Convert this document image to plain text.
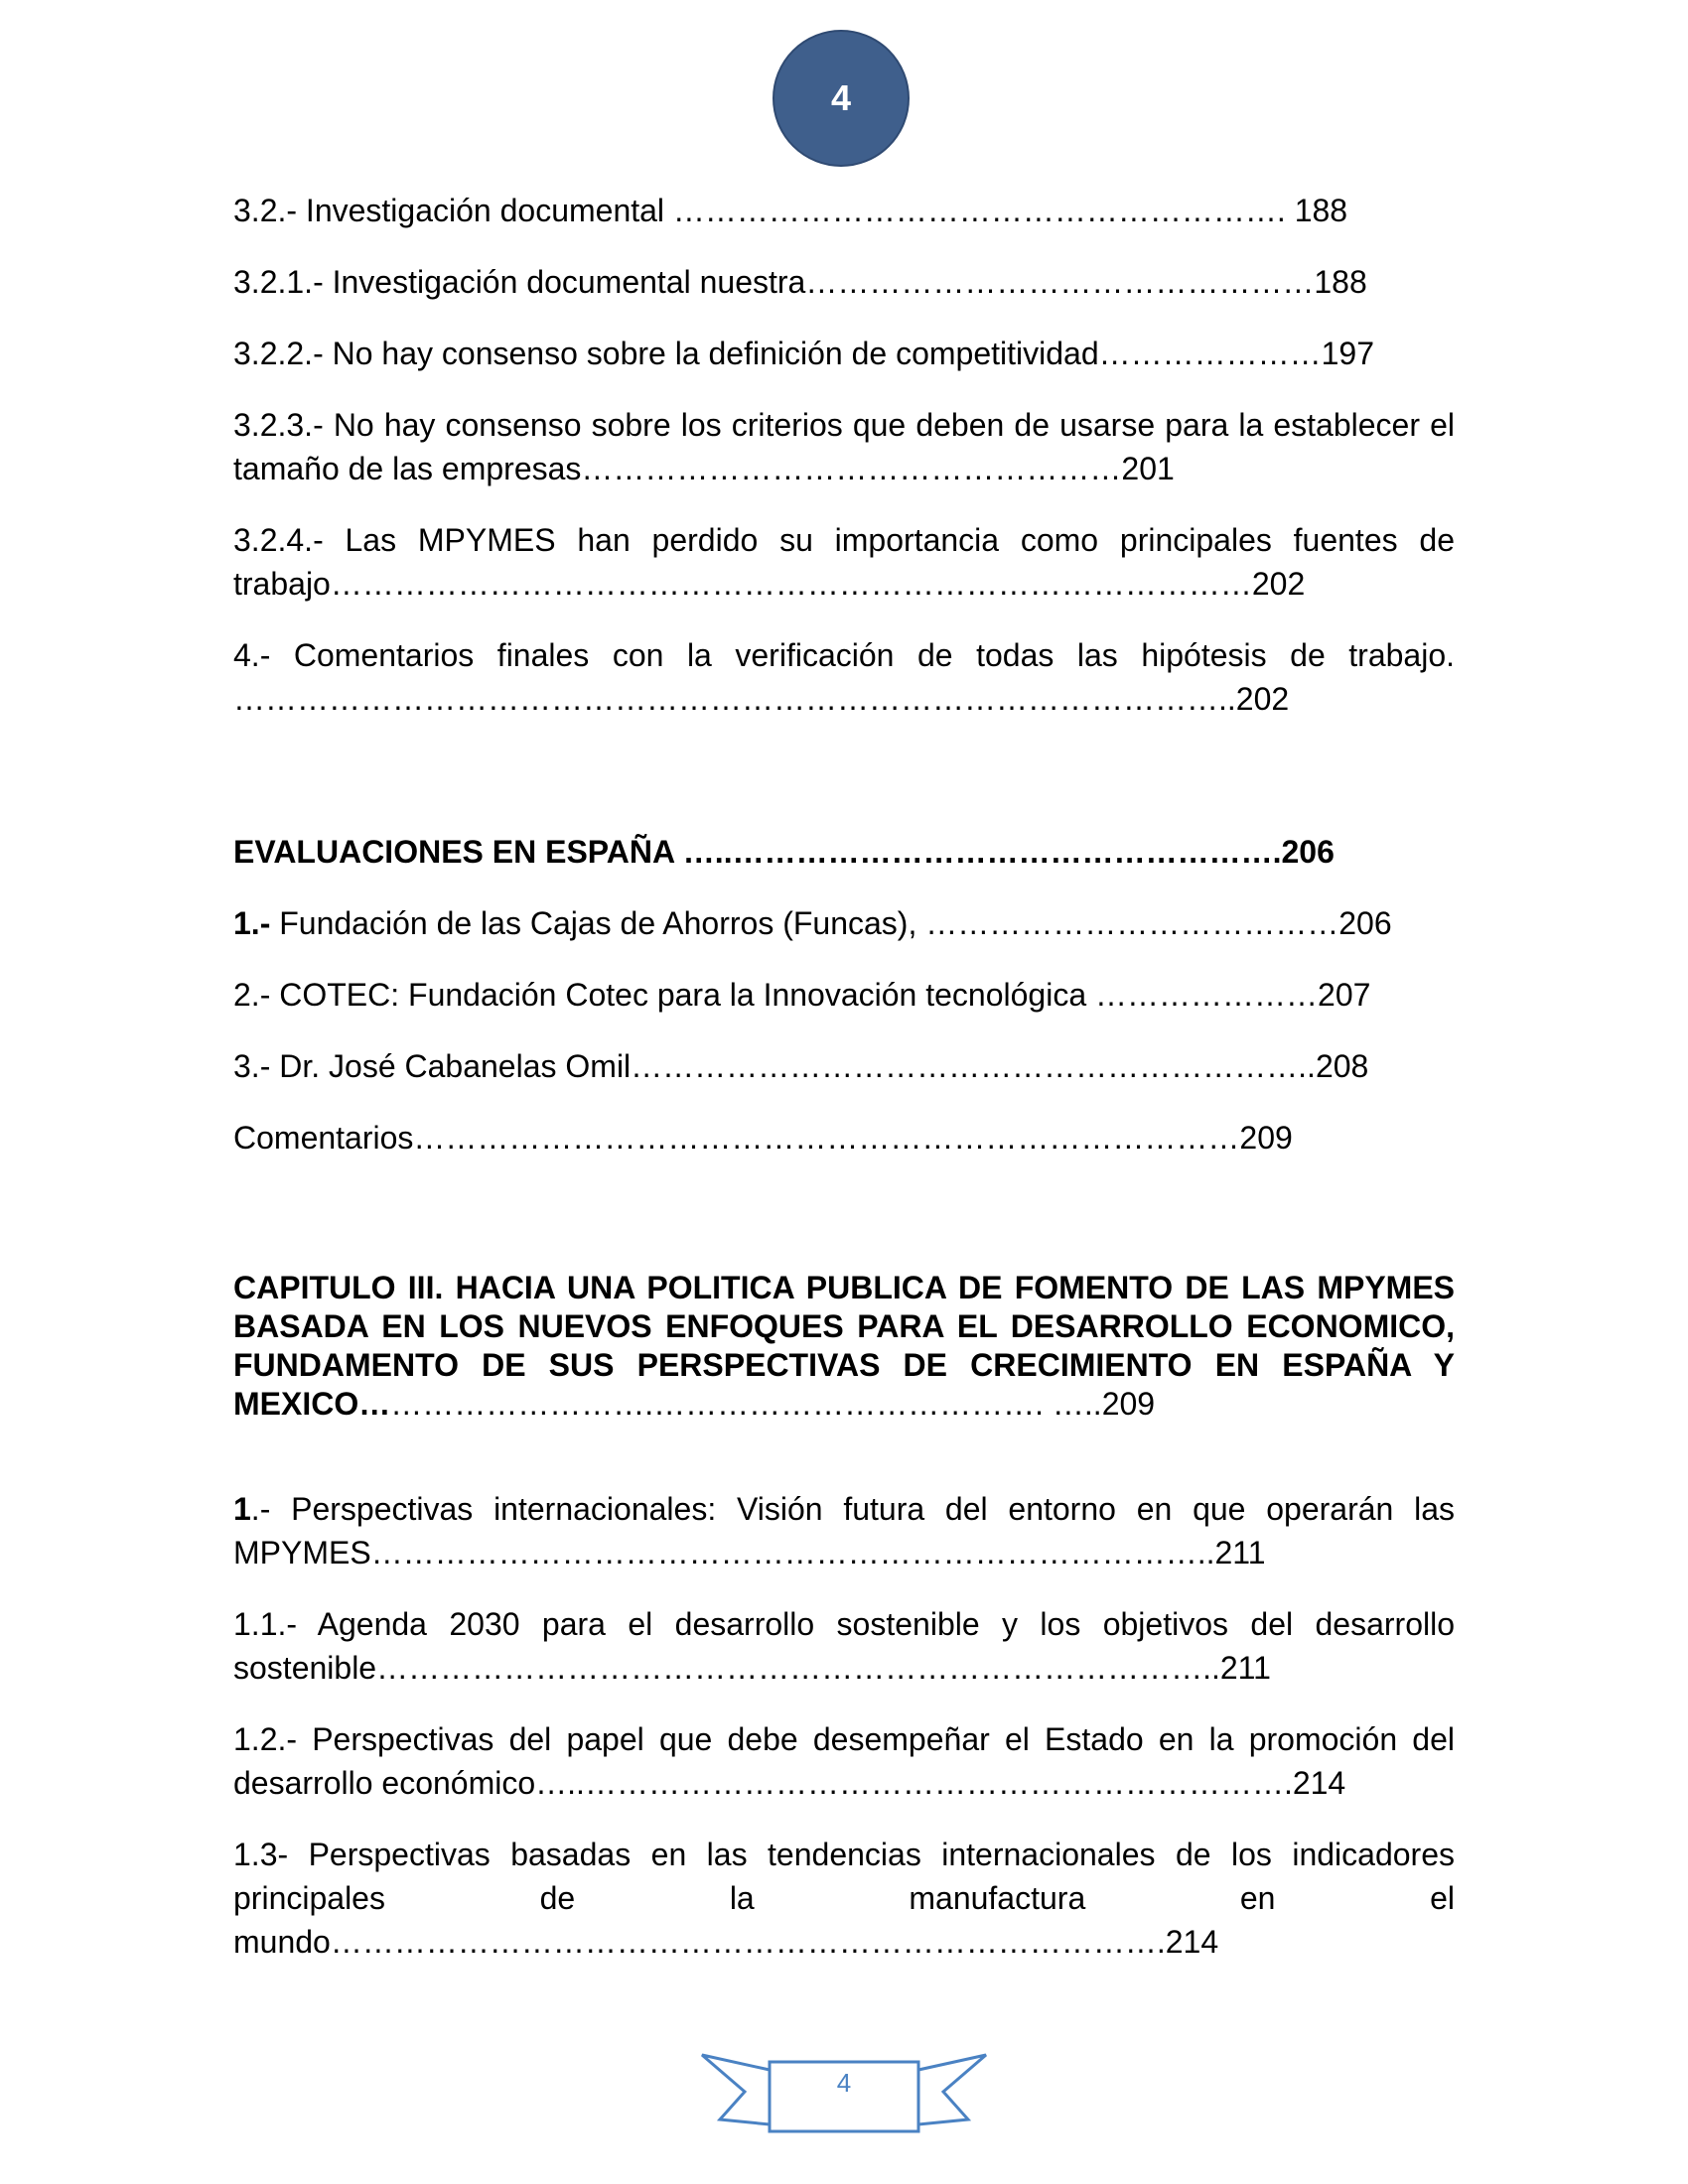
4

3.2.- Investigación documental …………………………………………………. 188

3.2.1.- Investigación documental nuestra…………………………………………188

3.2.2.- No hay consenso sobre la definición de competitividad…………………197

3.2.3.- No hay consenso sobre los criterios que deben de usarse para la establecer el tamaño de las empresas……………………………………………201

3.2.4.- Las MPYMES han perdido su importancia como principales fuentes de trabajo……………………………………………………………………………202

4.- Comentarios finales con la verificación de todas las hipótesis de trabajo. …………………………………………………………………………………..202

EVALUACIONES EN ESPAÑA …..…………………………………………….206

1.- Fundación de las Cajas de Ahorros (Funcas), …………………………………206

2.- COTEC: Fundación Cotec para la Innovación tecnológica …………………207

3.- Dr. José Cabanelas Omil………………………………………………………..208

Comentarios……………………………………………………………………209

CAPITULO III. HACIA UNA POLITICA PUBLICA DE FOMENTO DE LAS MPYMES BASADA EN LOS NUEVOS ENFOQUES PARA EL DESARROLLO ECONOMICO, FUNDAMENTO DE SUS PERSPECTIVAS DE CRECIMIENTO EN ESPAÑA Y MEXICO……………………….………………………………. …..209

1.- Perspectivas internacionales: Visión futura del entorno en que operarán las MPYMES……………………………………………………………………..211

1.1.- Agenda 2030 para el desarrollo sostenible y los objetivos del desarrollo sostenible……………………………………………………………………..211

1.2.- Perspectivas del papel que debe desempeñar el Estado en la promoción del desarrollo económico…..………………………………………………………….214

1.3- Perspectivas basadas en las tendencias internacionales de los indicadores principales de la manufactura en el mundo…………………………………………………………………….214

4
